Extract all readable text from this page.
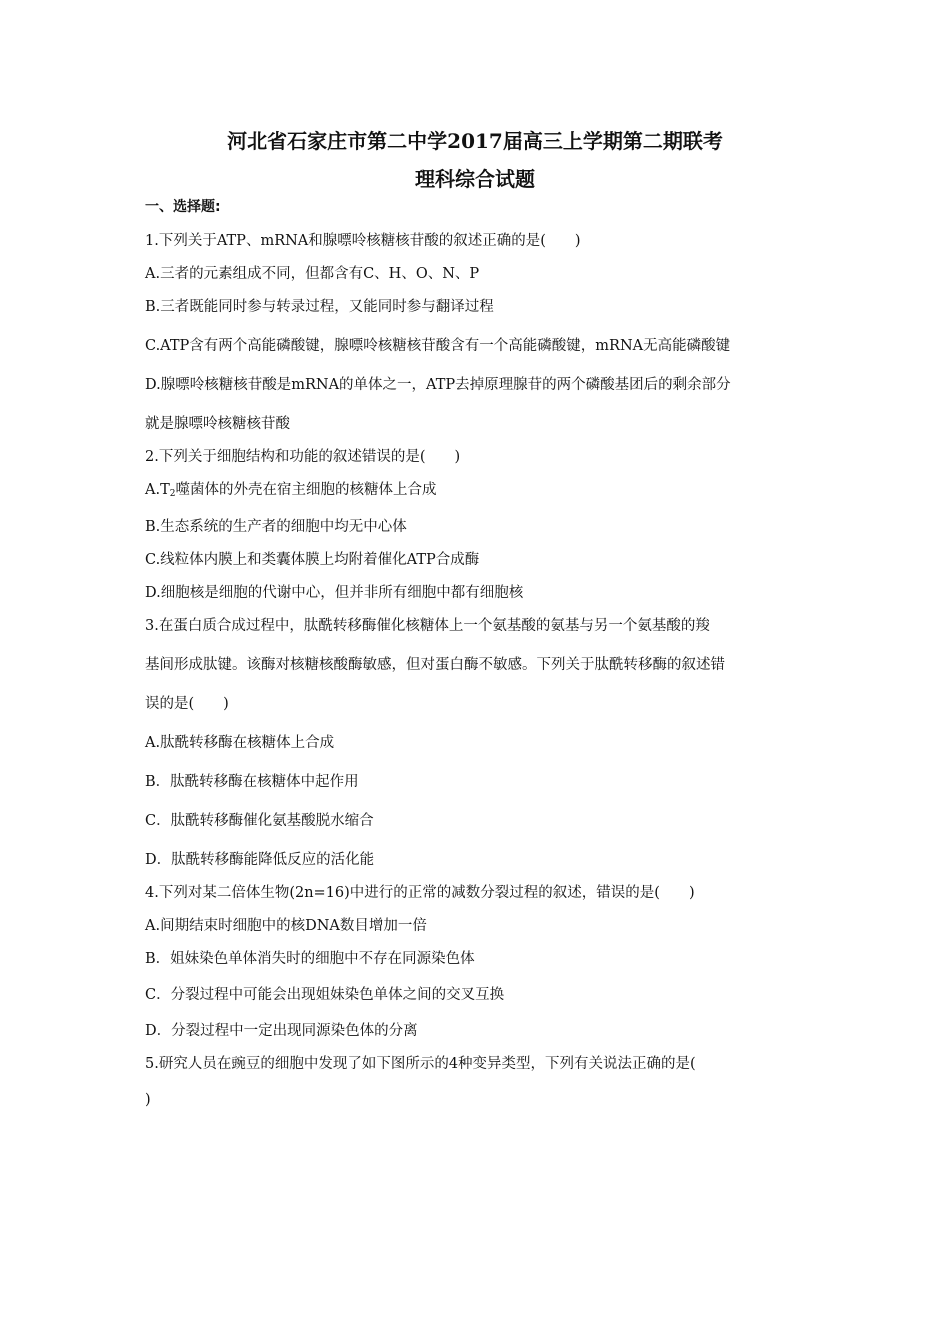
河北省石家庄市第二中学2017届高三上学期第二期联考
理科综合试题
一、选择题:
1.下列关于ATP、mRNA和腺嘌呤核糖核苷酸的叙述正确的是(　　)
A.三者的元素组成不同，但都含有C、H、O、N、P
B.三者既能同时参与转录过程，又能同时参与翻译过程
C.ATP含有两个高能磷酸键，腺嘌呤核糖核苷酸含有一个高能磷酸键，mRNA无高能磷酸键
D.腺嘌呤核糖核苷酸是mRNA的单体之一，ATP去掉原理腺苷的两个磷酸基团后的剩余部分
就是腺嘌呤核糖核苷酸
2.下列关于细胞结构和功能的叙述错误的是(　　)
$A.T_2$噬菌体的外壳在宿主细胞的核糖体上合成
B.生态系统的生产者的细胞中均无中心体
C.线粒体内膜上和类囊体膜上均附着催化ATP合成酶
D.细胞核是细胞的代谢中心，但并非所有细胞中都有细胞核
3.在蛋白质合成过程中，肽酰转移酶催化核糖体上一个氨基酸的氨基与另一个氨基酸的羧
基间形成肽键。该酶对核糖核酸酶敏感，但对蛋白酶不敏感。下列关于肽酰转移酶的叙述错
误的是(　　)
A.肽酰转移酶在核糖体上合成
B．肽酰转移酶在核糖体中起作用
C．肽酰转移酶催化氨基酸脱水缩合
D．肽酰转移酶能降低反应的活化能
4.下列对某二倍体生物(2n=16)中进行的正常的减数分裂过程的叙述，错误的是(　　)
A.间期结束时细胞中的核DNA数目增加一倍
B．姐妹染色单体消失时的细胞中不存在同源染色体
C．分裂过程中可能会出现姐妹染色单体之间的交叉互换
D．分裂过程中一定出现同源染色体的分离
5.研究人员在豌豆的细胞中发现了如下图所示的4种变异类型，下列有关说法正确的是(
)
